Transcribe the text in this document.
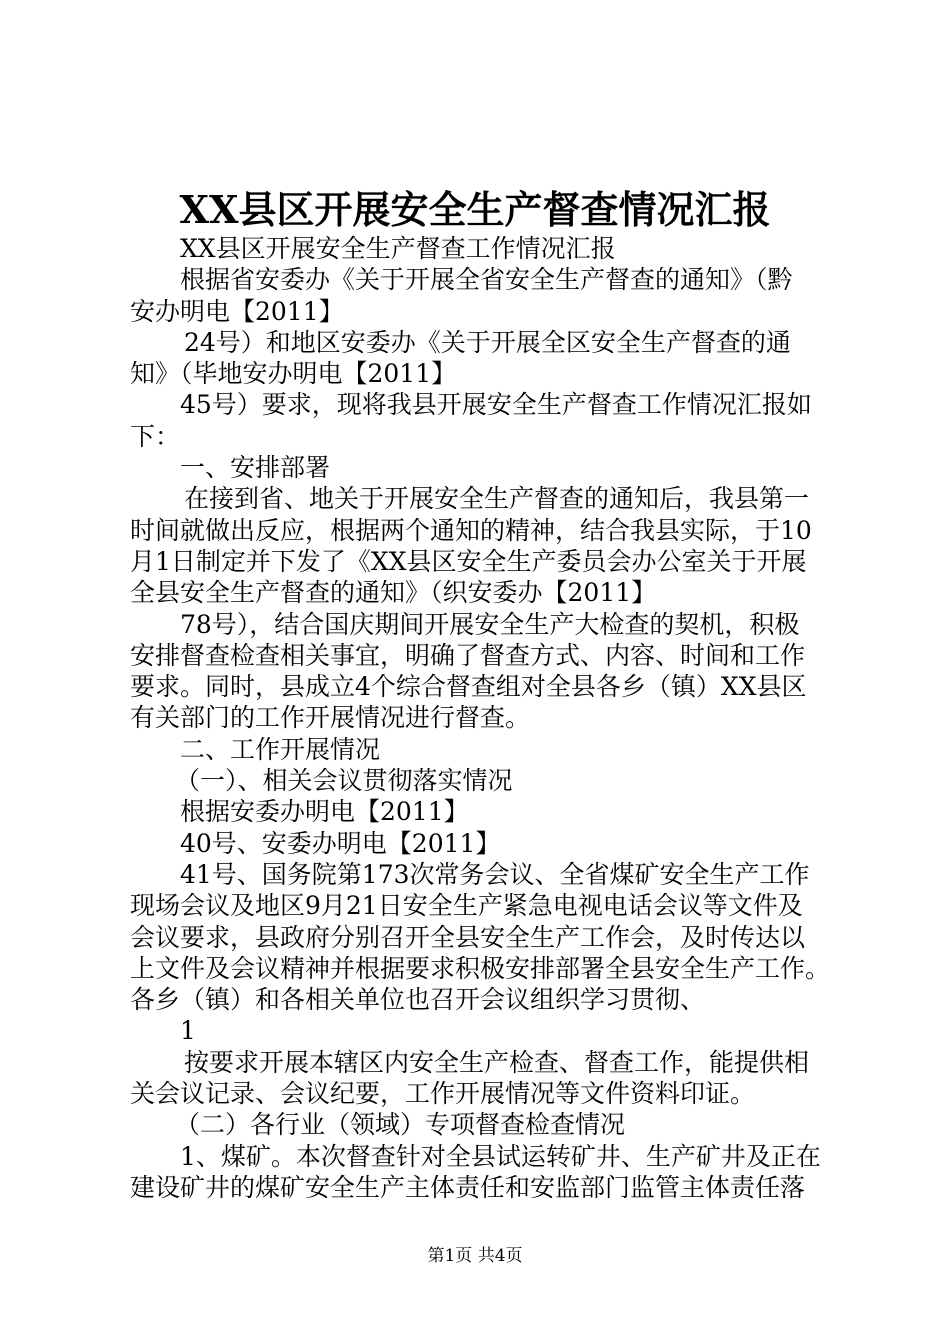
XX县区开展安全生产督查情况汇报
XX县区开展安全生产督查工作情况汇报
根据省安委办《关于开展全省安全生产督查的通知》（黔
安办明电【2011】
24号）和地区安委办《关于开展全区安全生产督查的通
知》（毕地安办明电【2011】
45号）要求，现将我县开展安全生产督查工作情况汇报如
下：
一、安排部署
在接到省、地关于开展安全生产督查的通知后，我县第一
时间就做出反应，根据两个通知的精神，结合我县实际，于10
月1日制定并下发了《XX县区安全生产委员会办公室关于开展
全县安全生产督查的通知》（织安委办【2011】
78号），结合国庆期间开展安全生产大检查的契机，积极
安排督查检查相关事宜，明确了督查方式、内容、时间和工作
要求。同时，县成立4个综合督查组对全县各乡（镇）XX县区
有关部门的工作开展情况进行督查。
二、工作开展情况
（一）、相关会议贯彻落实情况
根据安委办明电【2011】
40号、安委办明电【2011】
41号、国务院第173次常务会议、全省煤矿安全生产工作
现场会议及地区9月21日安全生产紧急电视电话会议等文件及
会议要求，县政府分别召开全县安全生产工作会，及时传达以
上文件及会议精神并根据要求积极安排部署全县安全生产工作。
各乡（镇）和各相关单位也召开会议组织学习贯彻、
1
按要求开展本辖区内安全生产检查、督查工作，能提供相
关会议记录、会议纪要，工作开展情况等文件资料印证。
（二）各行业（领域）专项督查检查情况
1、煤矿。本次督查针对全县试运转矿井、生产矿井及正在
建设矿井的煤矿安全生产主体责任和安监部门监管主体责任落
第1页 共4页
